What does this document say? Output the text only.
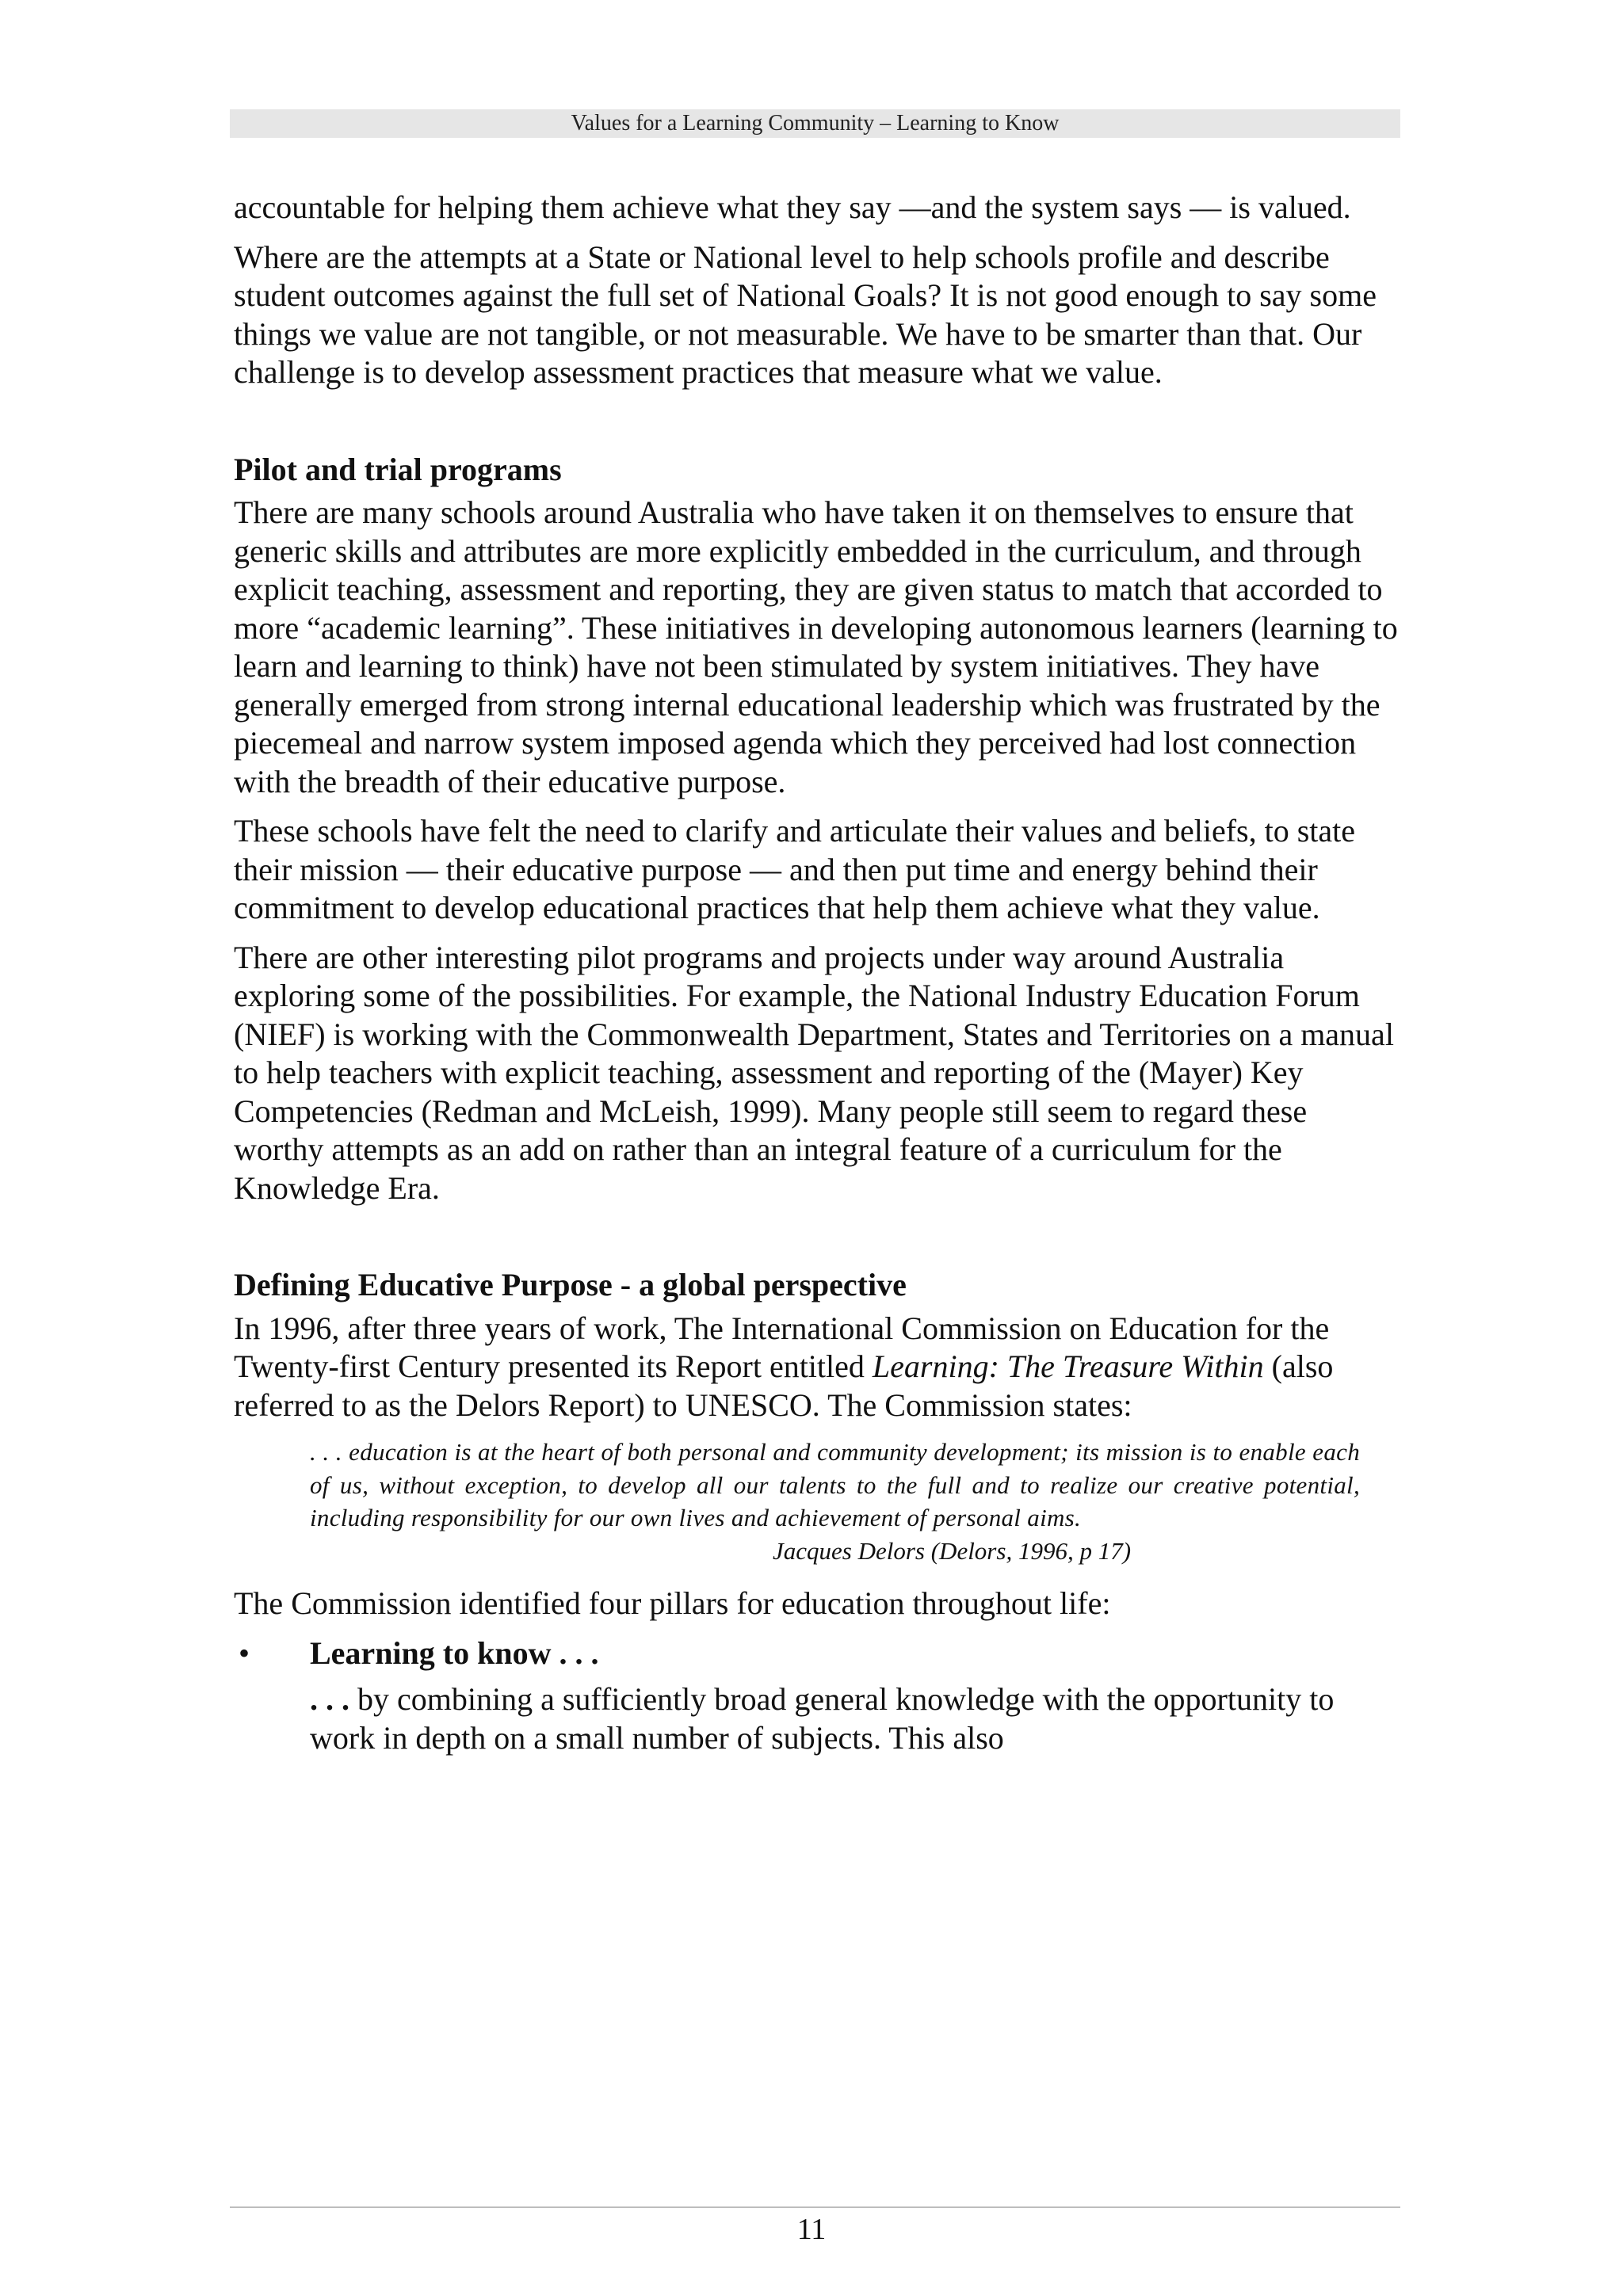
Values for a Learning Community – Learning to Know

accountable for helping them achieve what they say —and the system says — is valued.

Where are the attempts at a State or National level to help schools profile and describe student outcomes against the full set of National Goals? It is not good enough to say some things we value are not tangible, or not measurable. We have to be smarter than that. Our challenge is to develop assessment practices that measure what we value.

Pilot and trial programs

There are many schools around Australia who have taken it on themselves to ensure that generic skills and attributes are more explicitly embedded in the curriculum, and through explicit teaching, assessment and reporting, they are given status to match that accorded to more “academic learning”. These initiatives in developing autonomous learners (learning to learn and learning to think) have not been stimulated by system initiatives. They have generally emerged from strong internal educational leadership which was frustrated by the piecemeal and narrow system imposed agenda which they perceived had lost connection with the breadth of their educative purpose.

These schools have felt the need to clarify and articulate their values and beliefs, to state their mission — their educative purpose — and then put time and energy behind their commitment to develop educational practices that help them achieve what they value.

There are other interesting pilot programs and projects under way around Australia exploring some of the possibilities. For example, the National Industry Education Forum (NIEF) is working with the Commonwealth Department, States and Territories on a manual to help teachers with explicit teaching, assessment and reporting of the (Mayer) Key Competencies (Redman and McLeish, 1999). Many people still seem to regard these worthy attempts as an add on rather than an integral feature of a curriculum for the Knowledge Era.

Defining Educative Purpose - a global perspective

In 1996, after three years of work, The International Commission on Education for the Twenty-first Century presented its Report entitled Learning: The Treasure Within (also referred to as the Delors Report) to UNESCO. The Commission states:

. . . education is at the heart of both personal and community development; its mission is to enable each of us, without exception, to develop all our talents to the full and to realize our creative potential, including responsibility for our own lives and achievement of personal aims.
Jacques Delors (Delors, 1996, p 17)

The Commission identified four pillars for education throughout life:

• Learning to know . . .
. . . by combining a sufficiently broad general knowledge with the opportunity to work in depth on a small number of subjects. This also
11
